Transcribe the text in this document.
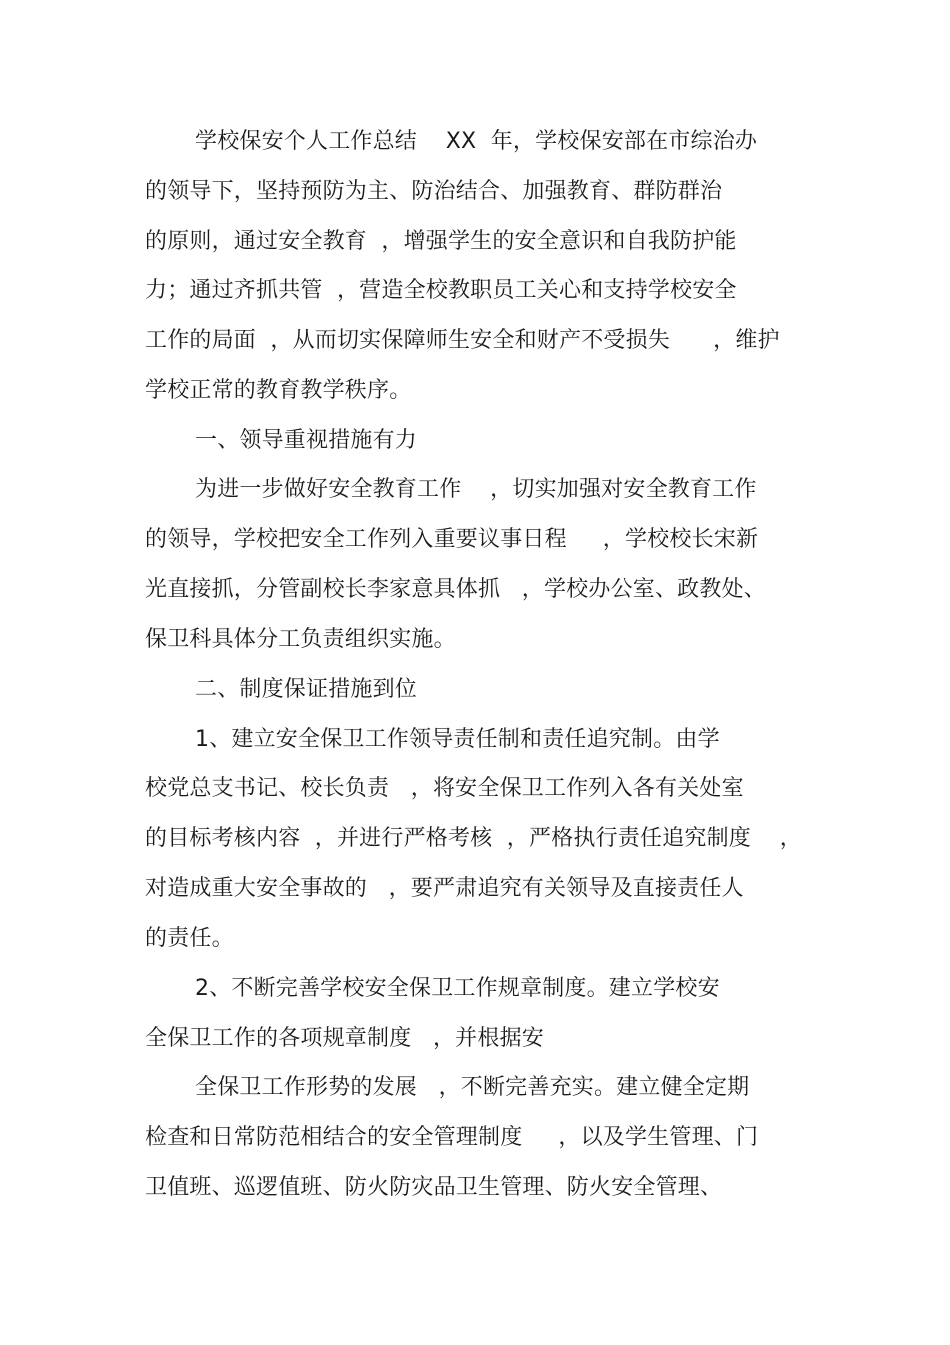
学校保安个人工作总结    XX  年，学校保安部在市综治办
的领导下，坚持预防为主、防治结合、加强教育、群防群治
的原则，通过安全教育  ，增强学生的安全意识和自我防护能
力；通过齐抓共管  ，营造全校教职员工关心和支持学校安全
工作的局面  ，从而切实保障师生安全和财产不受损失      ，维护
学校正常的教育教学秩序。
一、领导重视措施有力
为进一步做好安全教育工作    ，切实加强对安全教育工作
的领导，学校把安全工作列入重要议事日程     ，学校校长宋新
光直接抓，分管副校长李家意具体抓   ，学校办公室、政教处、
保卫科具体分工负责组织实施。
二、制度保证措施到位
1、建立安全保卫工作领导责任制和责任追究制。由学
校党总支书记、校长负责   ，将安全保卫工作列入各有关处室
的目标考核内容  ，并进行严格考核  ，严格执行责任追究制度    ，
对造成重大安全事故的   ，要严肃追究有关领导及直接责任人
的责任。
2、不断完善学校安全保卫工作规章制度。建立学校安
全保卫工作的各项规章制度   ，并根据安
全保卫工作形势的发展   ，不断完善充实。建立健全定期
检查和日常防范相结合的安全管理制度     ，以及学生管理、门
卫值班、巡逻值班、防火防灾品卫生管理、防火安全管理、
